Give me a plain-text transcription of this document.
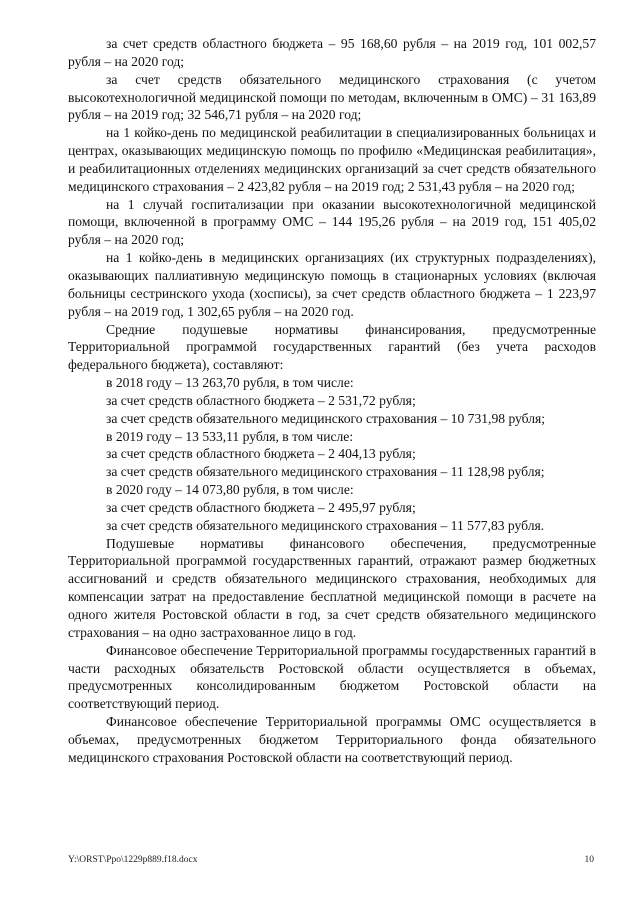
за счет средств областного бюджета – 95 168,60 рубля – на 2019 год, 101 002,57 рубля – на 2020 год;

за счет средств обязательного медицинского страхования (с учетом высокотехнологичной медицинской помощи по методам, включенным в ОМС) – 31 163,89 рубля – на 2019 год; 32 546,71 рубля – на 2020 год;

на 1 койко-день по медицинской реабилитации в специализированных больницах и центрах, оказывающих медицинскую помощь по профилю «Медицинская реабилитация», и реабилитационных отделениях медицинских организаций за счет средств обязательного медицинского страхования – 2 423,82 рубля – на 2019 год; 2 531,43 рубля – на 2020 год;

на 1 случай госпитализации при оказании высокотехнологичной медицинской помощи, включенной в программу ОМС – 144 195,26 рубля – на 2019 год, 151 405,02 рубля – на 2020 год;

на 1 койко-день в медицинских организациях (их структурных подразделениях), оказывающих паллиативную медицинскую помощь в стационарных условиях (включая больницы сестринского ухода (хосписы), за счет средств областного бюджета – 1 223,97 рубля – на 2019 год, 1 302,65 рубля – на 2020 год.

Средние подушевые нормативы финансирования, предусмотренные Территориальной программой государственных гарантий (без учета расходов федерального бюджета), составляют:

в 2018 году – 13 263,70 рубля, в том числе:

за счет средств областного бюджета – 2 531,72 рубля;

за счет средств обязательного медицинского страхования – 10 731,98 рубля;

в 2019 году – 13 533,11 рубля, в том числе:

за счет средств областного бюджета – 2 404,13 рубля;

за счет средств обязательного медицинского страхования – 11 128,98 рубля;

в 2020 году – 14 073,80 рубля, в том числе:

за счет средств областного бюджета – 2 495,97 рубля;

за счет средств обязательного медицинского страхования – 11 577,83 рубля.

Подушевые нормативы финансового обеспечения, предусмотренные Территориальной программой государственных гарантий, отражают размер бюджетных ассигнований и средств обязательного медицинского страхования, необходимых для компенсации затрат на предоставление бесплатной медицинской помощи в расчете на одного жителя Ростовской области в год, за счет средств обязательного медицинского страхования – на одно застрахованное лицо в год.

Финансовое обеспечение Территориальной программы государственных гарантий в части расходных обязательств Ростовской области осуществляется в объемах, предусмотренных консолидированным бюджетом Ростовской области на соответствующий период.

Финансовое обеспечение Территориальной программы ОМС осуществляется в объемах, предусмотренных бюджетом Территориального фонда обязательного медицинского страхования Ростовской области на соответствующий период.

Y:\ORST\Ppo\1229p889.f18.docx	10
